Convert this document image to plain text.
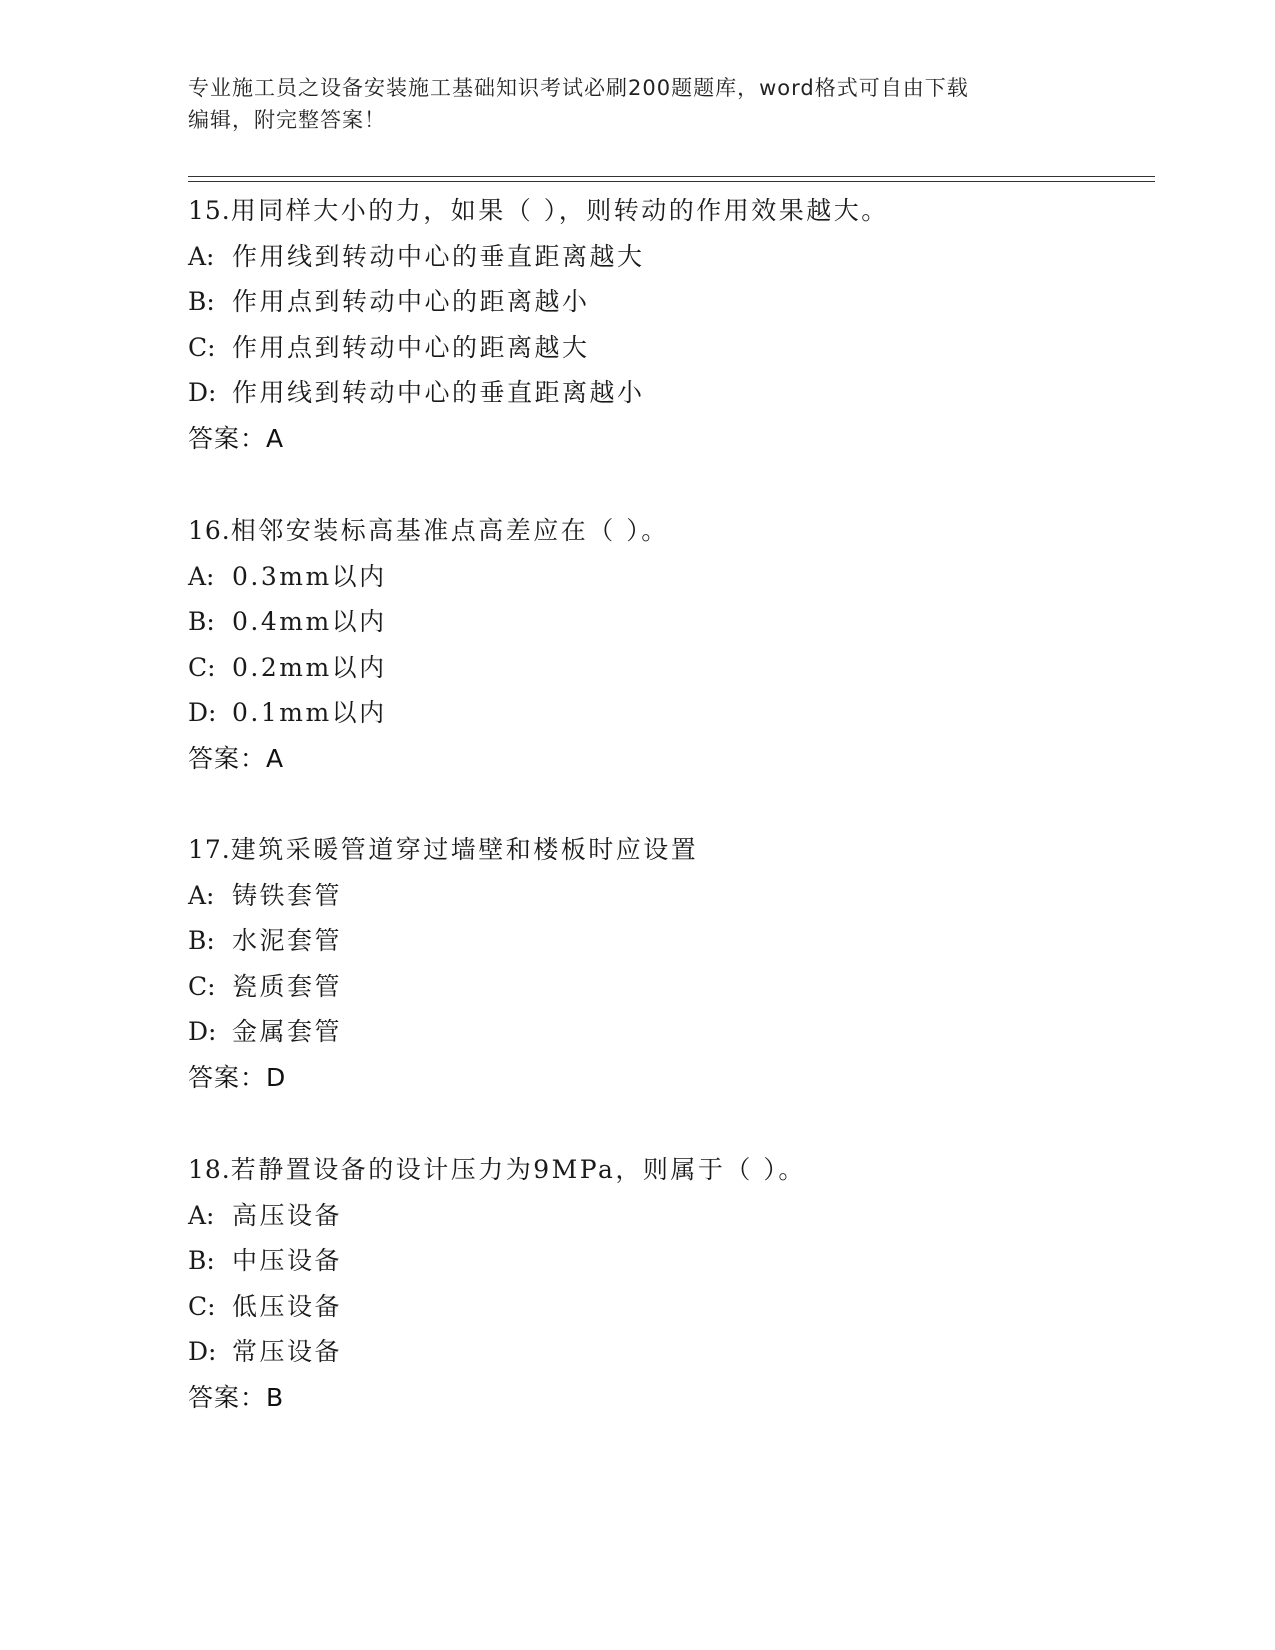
专业施工员之设备安装施工基础知识考试必刷200题题库，word格式可自由下载
编辑，附完整答案！
15.用同样大小的力，如果（ ），则转动的作用效果越大。
A: 作用线到转动中心的垂直距离越大
B: 作用点到转动中心的距离越小
C: 作用点到转动中心的距离越大
D: 作用线到转动中心的垂直距离越小
答案：A
16.相邻安装标高基准点高差应在（ ）。
A: 0.3mm以内
B: 0.4mm以内
C: 0.2mm以内
D: 0.1mm以内
答案：A
17.建筑采暖管道穿过墙壁和楼板时应设置
A: 铸铁套管
B: 水泥套管
C: 瓷质套管
D: 金属套管
答案：D
18.若静置设备的设计压力为9MPa，则属于（ ）。
A: 高压设备
B: 中压设备
C: 低压设备
D: 常压设备
答案：B
